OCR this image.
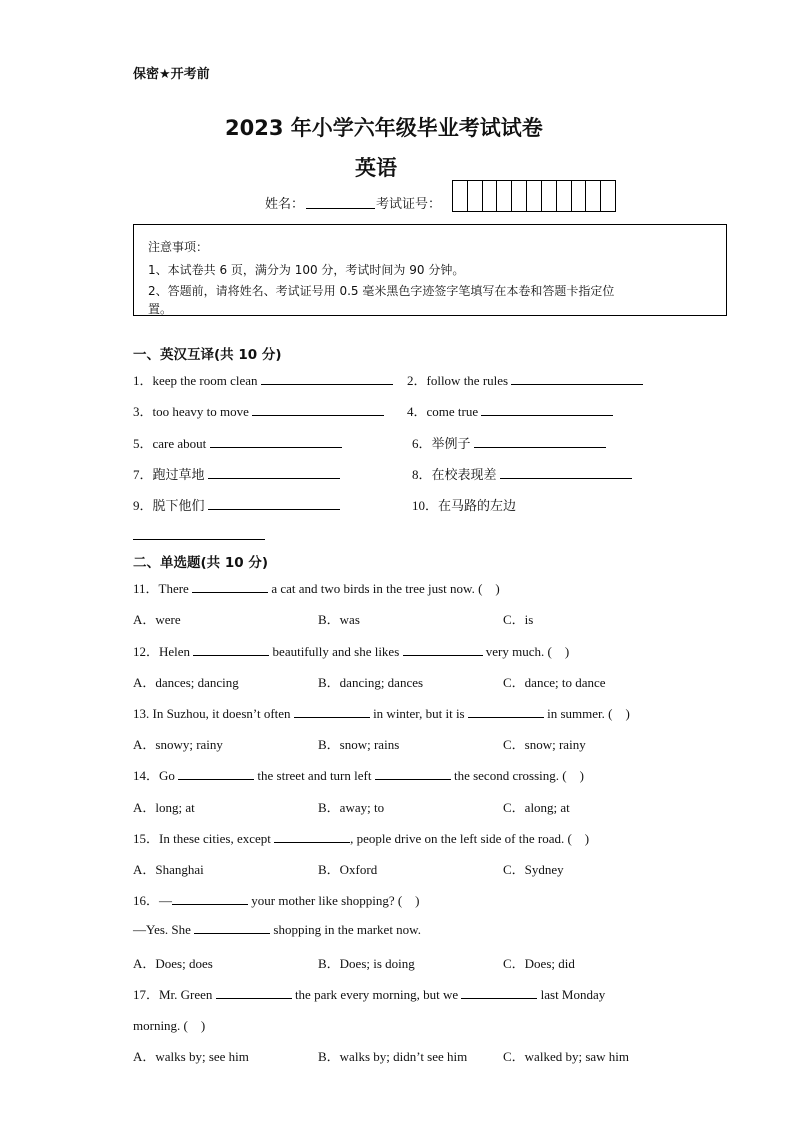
保密★开考前
2023 年小学六年级毕业考试试卷
英语
姓名：	考试证号：
注意事项：
1、本试卷共 6 页，满分为 100 分，考试时间为 90 分钟。
2、答题前，请将姓名、考试证号用 0.5 毫米黑色字迹签字笔填写在本卷和答题卡指定位
置。
一、英汉互译(共 10 分)
1．keep the room clean	2．follow the rules
3．too heavy to move	4．come true
5．care about	6．举例子
7．跑过草地	8．在校表现差
9．脱下他们	10．在马路的左边
二、单选题(共 10 分)
11．There	a cat and two birds in the tree just now. (　)
A．were	B．was	C．is
12．Helen	beautifully and she likes	very much. (　)
A．dances; dancing	B．dancing; dances	C．dance; to dance
13. In Suzhou, it doesn’t often	in winter, but it is	in summer. (　)
A．snowy; rainy	B．snow; rains	C．snow; rainy
14．Go	the street and turn left	the second crossing. (　)
A．long; at	B．away; to	C．along; at
15．In these cities, except	, people drive on the left side of the road. (　)
A．Shanghai	B．Oxford	C．Sydney
16．—	your mother like shopping? (　)
—Yes. She	shopping in the market now.
A．Does; does	B．Does; is doing	C．Does; did
17．Mr. Green	the park every morning, but we	last Monday
morning. (　)
A．walks by; see him	B．walks by; didn’t see him	C．walked by; saw him
